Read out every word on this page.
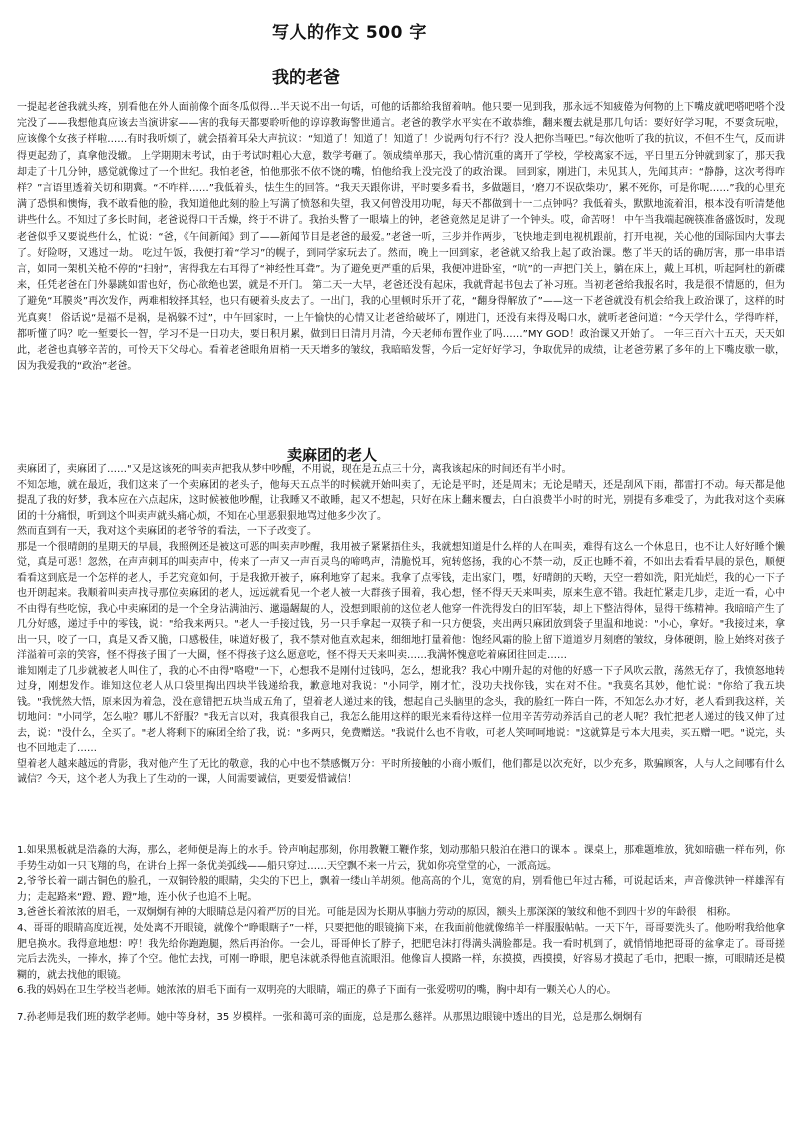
写人的作文 500 字
我的老爸

一提起老爸我就头疼，别看他在外人面前像个面冬瓜似得…半天说不出一句话，可他的话都给我留着呐。他只要一见到我，那永远不知疲倦为何物的上下嘴皮就吧嗒吧嗒个没完没了——我想他真应该去当演讲家——害的我每天都要聆听他的谆谆教诲警世通言。老爸的教学水平实在不敢恭维，翻来覆去就是那几句话：要好好学习呢，不要贪玩啦，应该像个女孩子样啦……有时我听烦了，就会捂着耳朵大声抗议：“知道了！知道了！知道了！少说两句行不行？没人把你当哑巴。”每次他听了我的抗议，不但不生气，反而讲得更起劲了，真拿他没辙。 上学期期末考试，由于考试时粗心大意，数学考砸了。领成绩单那天，我心情沉重的离开了学校，学校离家不远，平日里五分钟就到家了，那天我却走了十几分钟，感觉就像过了一个世纪。我怕老爸，怕他那张不依不饶的嘴，怕他给我上没完没了的政治课。 回到家，刚进门，未见其人，先闻其声：“静静，这次考得咋样？”言语里透着关切和期冀。“不咋样……”我低着头，怯生生的回答。“我天天跟你讲，平时要多看书，多做题目，‘磨刀不误砍柴功’，累不死你，可是你呢……”我的心里充满了恐惧和懊悔，我不敢看他的脸，我知道他此刻的脸上写满了愤怒和失望，我又何曾没用功呢，每天不都做到十一二点钟吗？我低着头，默默地流着泪，根本没有听清楚他讲些什么。不知过了多长时间，老爸说得口干舌燥，终于不讲了。我抬头瞥了一眼墙上的钟，老爸竟然足足讲了一个钟头。哎，命苦呀！ 中午当我端起碗筷准备盛饭时，发现老爸似乎又要说些什么，忙说：“爸，《午间新闻》到了——新闻节目是老爸的最爱。”老爸一听，三步并作两步，飞快地走到电视机跟前，打开电视，关心他的国际国内大事去了。好险呀，又逃过一劫。 吃过午饭，我便打着“学习”的幌子，到同学家玩去了。然而，晚上一回到家，老爸就又给我上起了政治课。憋了半天的话的确厉害，那一串串语言，如同一架机关枪不停的“扫射”，害得我左右耳得了“神经性耳聋”。为了避免更严重的后果，我便冲进卧室，“吭”的一声把门关上，躺在床上，戴上耳机，听起阿杜的新碟来，任凭老爸在门外暴跳如雷也好，伤心欲绝也罢，就是不开门。 第二天一大早，老爸还没有起床，我就背起书包去了补习班。当初老爸给我报名时，我是很不情愿的，但为了避免“耳膜炎”再次发作，两难相较择其轻，也只有硬着头皮去了。一出门，我的心里顿时乐开了花，“翻身得解放了”——这一下老爸就没有机会给我上政治课了，这样的时光真爽！ 俗话说“是福不是祸，是祸躲不过”，中午回家时，一上午愉快的心情又让老爸给破坏了，刚进门，还没有来得及喝口水，就听老爸问道：“今天学什么，学得咋样，都听懂了吗？吃一堑要长一智，学习不是一日功夫，要日积月累，做到日日清月月清，今天老师布置作业了吗……”MY GOD！政治课又开始了。 一年三百六十五天，天天如此，老爸也真够辛苦的，可怜天下父母心。看着老爸眼角眉梢一天天增多的皱纹，我暗暗发誓，今后一定好好学习，争取优异的成绩，让老爸劳累了多年的上下嘴皮歇一歇，因为我爱我的“政治”老爸。

卖麻团的老人

卖麻团了，卖麻团了……"又是这该死的叫卖声把我从梦中吵醒，不用说，现在是五点三十分，离我该起床的时间还有半小时。

不知怎地，就在最近，我们这来了一个卖麻团的老头子，他每天五点半的时候就开始叫卖了，无论是平时，还是周末；无论是晴天，还是刮风下雨，都雷打不动。每天都是他提乱了我的好梦，我本应在六点起床，这时候被他吵醒，让我睡又不敢睡，起又不想起，只好在床上翻来覆去，白白浪费半小时的时光，别提有多难受了，为此我对这个卖麻团的十分痛恨，听到这个叫卖声就头痛心烦，不知在心里恶狠狠地骂过他多少次了。

然而直到有一天，我对这个卖麻团的老爷爷的看法，一下子改变了。

那是一个很晴朗的星期天的早晨，我照例还是被这可恶的叫卖声吵醒，我用被子紧紧捂住头，我就想知道是什么样的人在叫卖，难得有这么一个休息日，也不让人好好睡个懒觉，真是可恶！忽然，在声声刺耳的叫卖声中，传来了一声又一声百灵鸟的啼鸣声，清脆悦耳，宛转悠扬，我的心不禁一动，反正也睡不着，不如出去看看早晨的景色，顺便看看这到底是一个怎样的老人，手艺究竟如何，于是我掀开被子，麻利地穿了起来。我拿了点零钱，走出家门，嘿，好晴朗的天哟，天空一碧如洗，阳光灿烂，我的心一下子也开朗起来。我顺着叫卖声找寻那位卖麻团的老人，远远就看见一个老人被一大群孩子围着，我心想，怪不得天天来叫卖，原来生意不错。我赶忙紧走几步，走近一看，心中不由得有些吃惊，我心中卖麻团的是一个全身沾满油污、邋遢龌龊的人，没想到眼前的这位老人他穿一件洗得发白的旧军装，却上下整洁得体，显得干练精神。我暗暗产生了几分好感，递过手中的零钱，说："给我来两只。"老人一手接过钱，另一只手拿起一双筷子和一只方便袋，夹出两只麻团放到袋子里温和地说："小心，拿好。"我接过来，拿出一只，咬了一口，真是又香又脆，口感极佳，味道好极了，我不禁对他直欢起来，细细地打量着他：饱经风霜的脸上留下道道岁月刻磨的皱纹，身体硬朗，脸上始终对孩子洋溢着可亲的笑容，怪不得孩子围了一大圈，怪不得孩子这么愿意吃，怪不得天天来叫卖……我满怀愧意吃着麻团往回走……

谁知刚走了几步就被老人叫住了，我的心不由得"咯噔"一下，心想我不是刚付过钱吗，怎么，想讹我？我心中刚升起的对他的好感一下子风吹云散，荡然无存了，我愤怒地转过身，刚想发作。谁知这位老人从口袋里掏出四块半钱递给我，歉意地对我说："小同学，刚才忙，没功夫找你钱，实在对不住。"我莫名其妙，他忙说："你给了我五块钱。"我恍然大悟，原来因为着急，没在意错把五块当成五角了，望着老人递过来的钱，想起自己头脑里的念头，我的脸红一阵白一阵，不知怎么办才好，老人看到我这样，关切地问："小同学，怎么啦？哪儿不舒服？"我无言以对，我真很我自己，我怎么能用这样的眼光来看待这样一位用辛苦劳动养活自己的老人呢？我忙把老人递过的钱又伸了过去，说："没什么，全买了。"老人将剩下的麻团全给了我，说："多两只，免费赠送。"我说什么也不肯收，可老人笑呵呵地说："这就算是亏本大甩卖，买五赠一吧。"说完，头也不回地走了……

望着老人越来越远的背影，我对他产生了无比的敬意，我的心中也不禁感慨万分：平时所接触的小商小贩们，他们都是以次充好，以少充多，欺骗顾客，人与人之间哪有什么诚信？今天，这个老人为我上了生动的一课，人间需要诚信，更要爱惜诚信！

1.如果黑板就是浩淼的大海，那么，老师便是海上的水手。铃声响起那刻，你用教鞭工鞭作浆，划动那船只般泊在港口的课本 。课桌上，那难题堆放，犹如暗礁一样布列，你手势生动如一只飞翔的鸟，在讲台上挥一条优美弧线——船只穿过……天空飘不来一片云，犹如你亮堂堂的心，一派高远。

2,爷爷长着一副古铜色的脸孔，一双铜铃般的眼睛，尖尖的下巴上，飘着一缕山羊胡须。他高高的个儿，宽宽的肩，别看他已年过古稀，可说起话来，声音像洪钟一样雄浑有力；走起路来“蹬、蹬、蹬”地，连小伙子也追不上呢。

3,爸爸长着浓浓的眉毛，一双炯炯有神的大眼睛总是闪着严厉的目光。可能是因为长期从事脑力劳动的原因，额头上那深深的皱纹和他不到四十岁的年龄很　相称。

4、哥哥的眼睛高度近视，处处离不开眼镜，就像个“睁眼瞎子”一样，只要把他的眼镜摘下来，在我面前他就像绵羊一样服服帖帖。一天下午，哥哥要洗头了。他吩咐我给他拿肥皂换水。我得意地想：哼！我先给你跑跑腿，然后再治你。一会儿，哥哥伸长了脖子，把肥皂沫打得满头满脸都是。我一看时机到了，就悄悄地把哥哥的盆拿走了。哥哥搓完后去洗头，一捧水，捧了个空。他忙去找，可刚一睁眼，肥皂沫就杀得他直流眼泪。他像盲人摸路一样，东摸摸，西摸摸，好容易才摸起了毛巾，把眼一擦，可眼睛还是模糊的，就去找他的眼镜。

6.我的妈妈在卫生学校当老师。她浓浓的眉毛下面有一双明亮的大眼睛，端正的鼻子下面有一张爱唠叨的嘴，胸中却有一颗关心人的心。

7.孙老师是我们班的数学老师。她中等身材，35 岁模样。一张和蔼可亲的面庞，总是那么慈祥。从那黑边眼镜中透出的目光，总是那么炯炯有
